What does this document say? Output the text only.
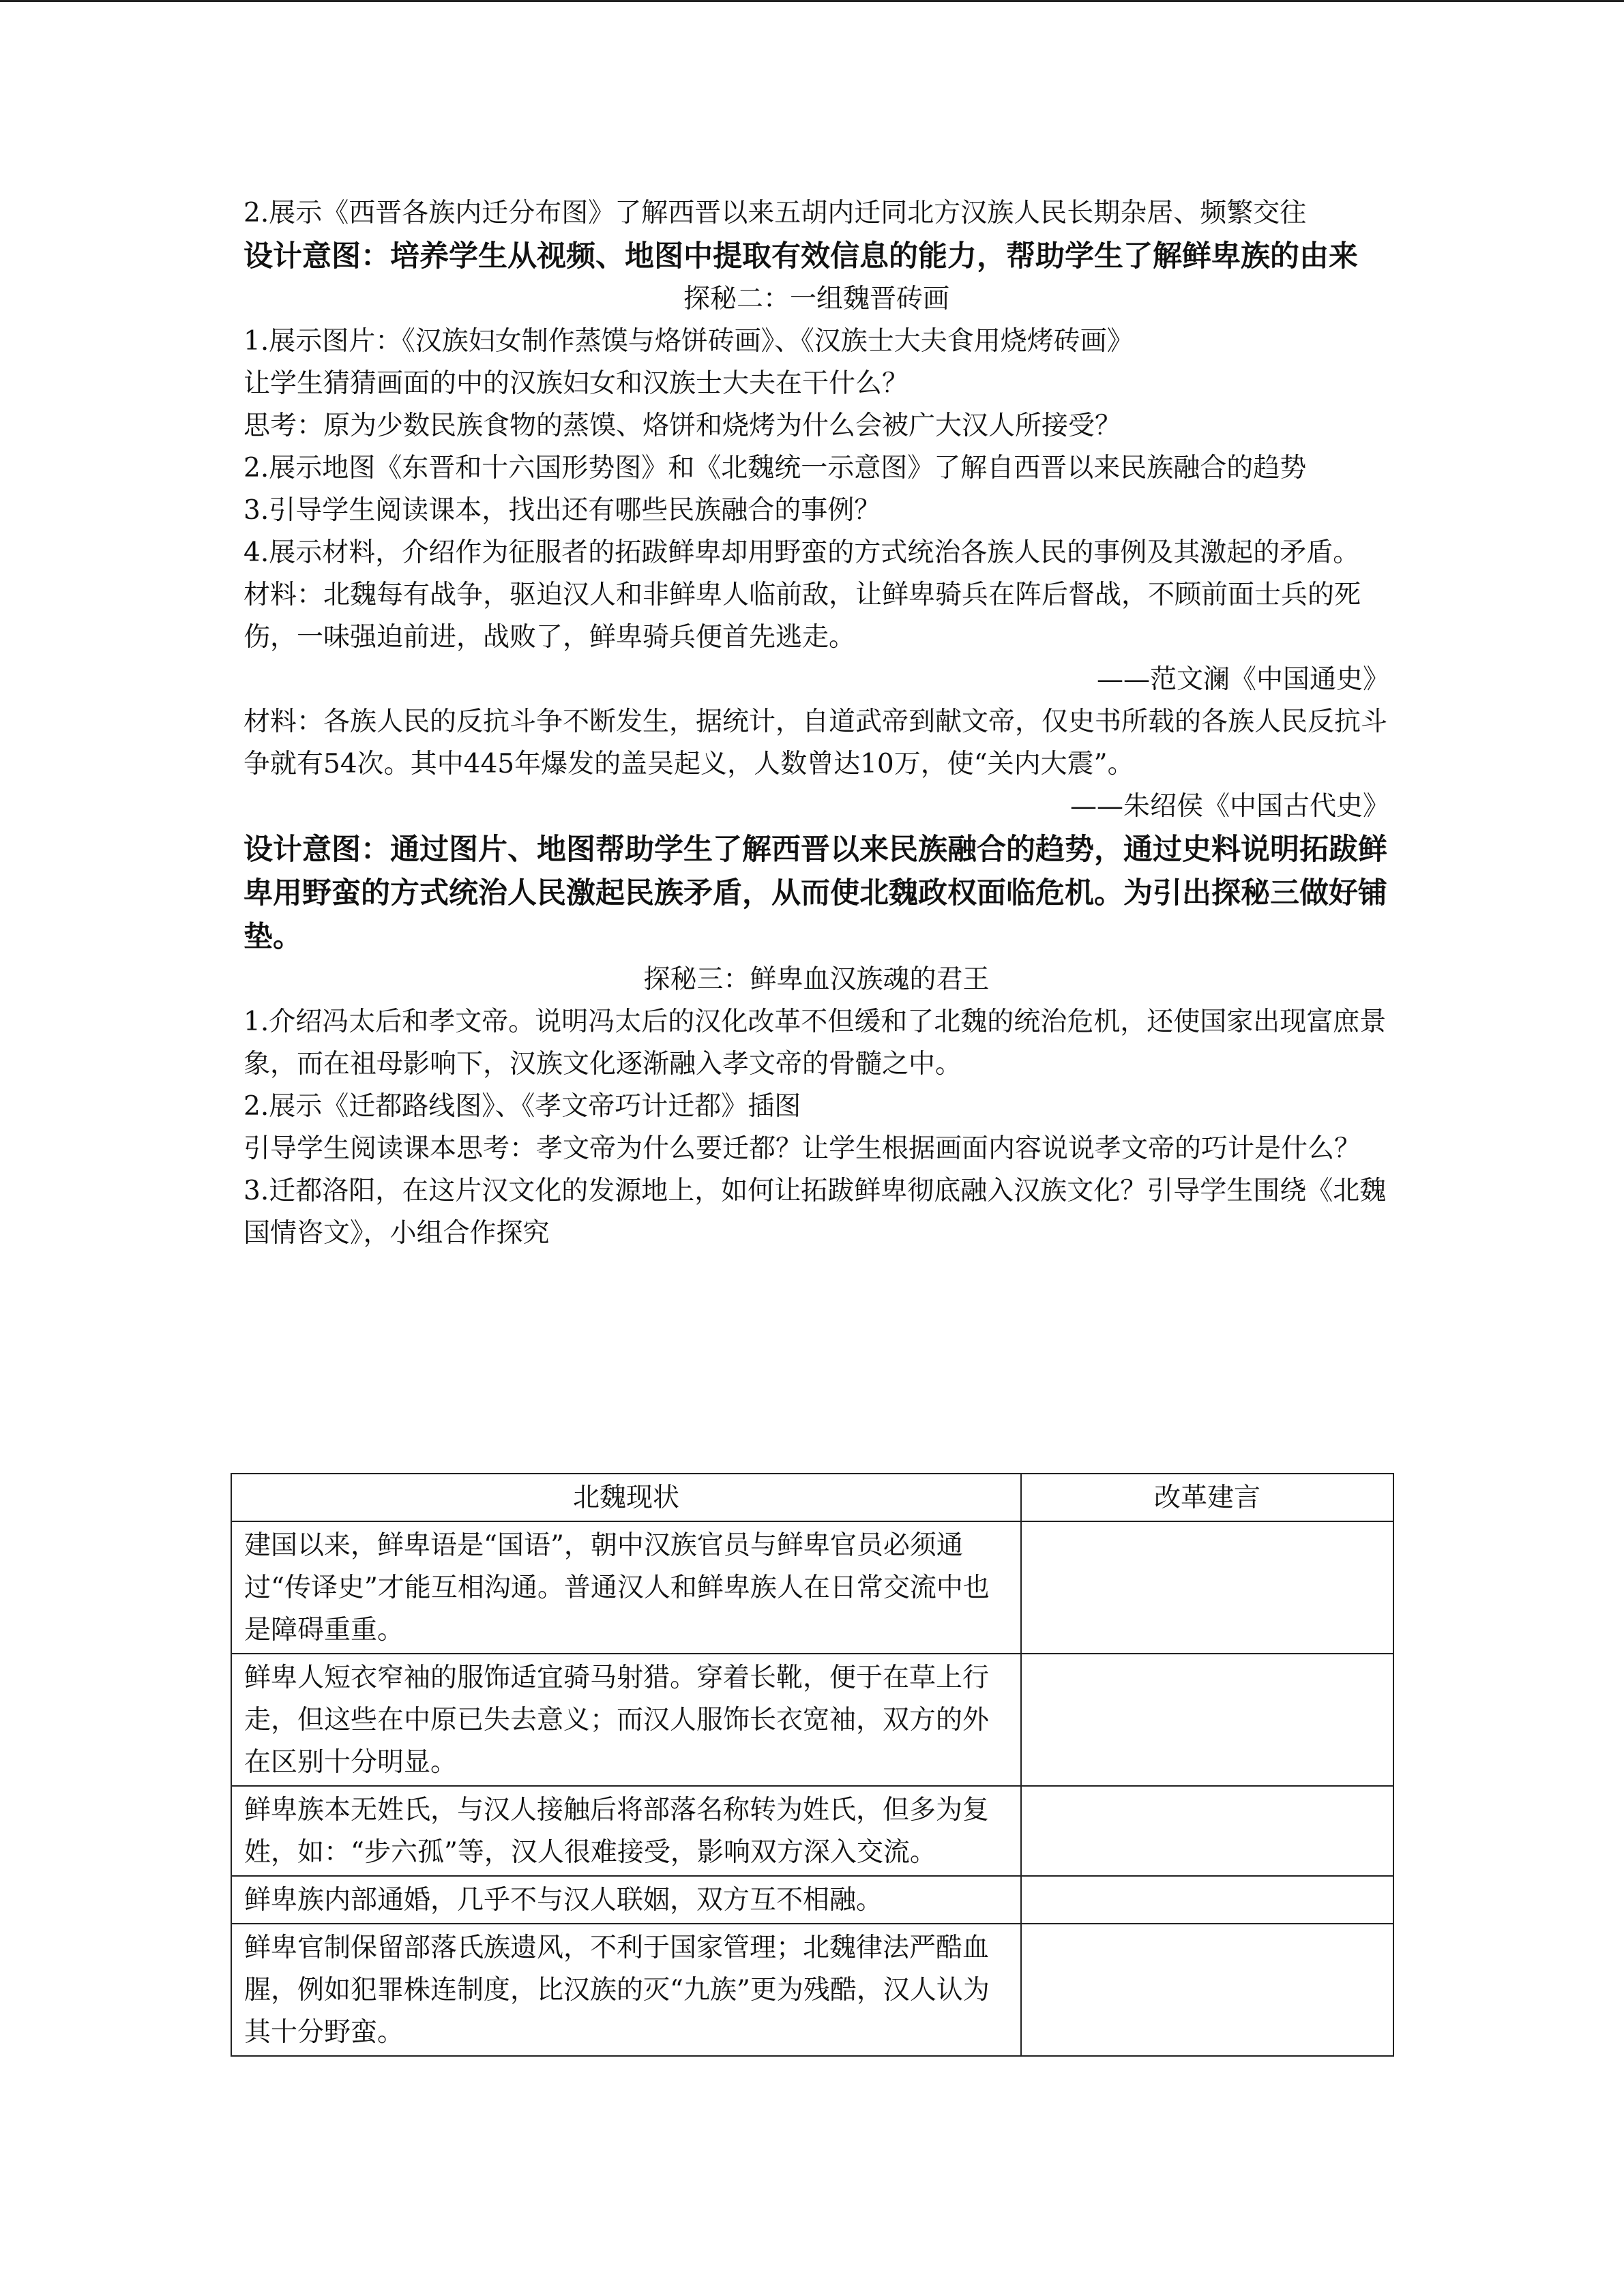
2.展示《西晋各族内迁分布图》了解西晋以来五胡内迁同北方汉族人民长期杂居、频繁交往

设计意图：培养学生从视频、地图中提取有效信息的能力，帮助学生了解鲜卑族的由来

探秘二：一组魏晋砖画

1.展示图片：《汉族妇女制作蒸馍与烙饼砖画》、《汉族士大夫食用烧烤砖画》

让学生猜猜画面的中的汉族妇女和汉族士大夫在干什么？

思考：原为少数民族食物的蒸馍、烙饼和烧烤为什么会被广大汉人所接受？

2.展示地图《东晋和十六国形势图》和《北魏统一示意图》了解自西晋以来民族融合的趋势

3.引导学生阅读课本，找出还有哪些民族融合的事例？

4.展示材料，介绍作为征服者的拓跋鲜卑却用野蛮的方式统治各族人民的事例及其激起的矛盾。

材料：北魏每有战争，驱迫汉人和非鲜卑人临前敌，让鲜卑骑兵在阵后督战，不顾前面士兵的死伤，一味强迫前进，战败了，鲜卑骑兵便首先逃走。

——范文澜《中国通史》

材料：各族人民的反抗斗争不断发生，据统计，自道武帝到献文帝，仅史书所载的各族人民反抗斗争就有54次。其中445年爆发的盖吴起义，人数曾达10万，使“关内大震”。

——朱绍侯《中国古代史》

设计意图：通过图片、地图帮助学生了解西晋以来民族融合的趋势，通过史料说明拓跋鲜卑用野蛮的方式统治人民激起民族矛盾，从而使北魏政权面临危机。为引出探秘三做好铺垫。

探秘三：鲜卑血汉族魂的君王

1.介绍冯太后和孝文帝。说明冯太后的汉化改革不但缓和了北魏的统治危机，还使国家出现富庶景象，而在祖母影响下，汉族文化逐渐融入孝文帝的骨髓之中。

2.展示《迁都路线图》、《孝文帝巧计迁都》插图

引导学生阅读课本思考：孝文帝为什么要迁都？让学生根据画面内容说说孝文帝的巧计是什么？

3.迁都洛阳，在这片汉文化的发源地上，如何让拓跋鲜卑彻底融入汉族文化？引导学生围绕《北魏国情咨文》，小组合作探究

北魏现状	改革建言
建国以来，鲜卑语是“国语”，朝中汉族官员与鲜卑官员必须通过“传译史”才能互相沟通。普通汉人和鲜卑族人在日常交流中也是障碍重重。	
鲜卑人短衣窄袖的服饰适宜骑马射猎。穿着长靴，便于在草上行走，但这些在中原已失去意义；而汉人服饰长衣宽袖，双方的外在区别十分明显。	
鲜卑族本无姓氏，与汉人接触后将部落名称转为姓氏，但多为复姓，如：“步六孤”等，汉人很难接受，影响双方深入交流。	
鲜卑族内部通婚，几乎不与汉人联姻，双方互不相融。	
鲜卑官制保留部落氏族遗风，不利于国家管理；北魏律法严酷血腥，例如犯罪株连制度，比汉族的灭“九族”更为残酷，汉人认为其十分野蛮。	
